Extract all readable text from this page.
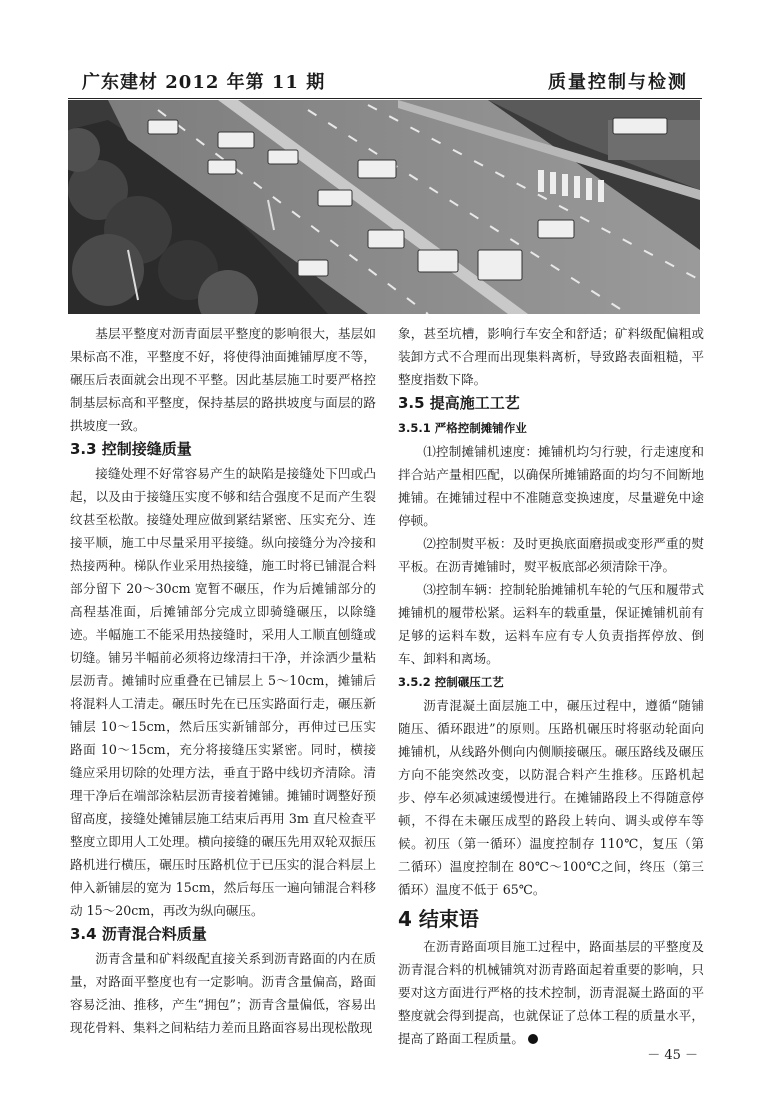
广东建材 2012 年第 11 期	质量控制与检测

基层平整度对沥青面层平整度的影响很大，基层如果标高不准，平整度不好，将使得油面摊铺厚度不等，碾压后表面就会出现不平整。因此基层施工时要严格控制基层标高和平整度，保持基层的路拱坡度与面层的路拱坡度一致。

3.3 控制接缝质量

接缝处理不好常容易产生的缺陷是接缝处下凹或凸起，以及由于接缝压实度不够和结合强度不足而产生裂纹甚至松散。接缝处理应做到紧结紧密、压实充分、连接平顺，施工中尽量采用平接缝。纵向接缝分为冷接和热接两种。梯队作业采用热接缝，施工时将已铺混合料部分留下 20～30cm 宽暂不碾压，作为后摊铺部分的高程基准面，后摊铺部分完成立即骑缝碾压，以除缝迹。半幅施工不能采用热接缝时，采用人工顺直刨缝或切缝。铺另半幅前必须将边缘清扫干净，并涂洒少量粘层沥青。摊铺时应重叠在已铺层上 5～10cm，摊铺后将混料人工清走。碾压时先在已压实路面行走，碾压新铺层 10～15cm，然后压实新铺部分，再伸过已压实路面 10～15cm，充分将接缝压实紧密。同时，横接缝应采用切除的处理方法，垂直于路中线切齐清除。清理干净后在端部涂粘层沥青接着摊铺。摊铺时调整好预留高度，接缝处摊铺层施工结束后再用 3m 直尺检查平整度立即用人工处理。横向接缝的碾压先用双轮双振压路机进行横压，碾压时压路机位于已压实的混合料层上伸入新铺层的宽为 15cm，然后每压一遍向铺混合料移动 15～20cm，再改为纵向碾压。

3.4 沥青混合料质量

沥青含量和矿料级配直接关系到沥青路面的内在质量，对路面平整度也有一定影响。沥青含量偏高，路面容易泛油、推移，产生“拥包”；沥青含量偏低，容易出现花骨料、集料之间粘结力差而且路面容易出现松散现

象，甚至坑槽，影响行车安全和舒适；矿料级配偏粗或装卸方式不合理而出现集料离析，导致路表面粗糙，平整度指数下降。

3.5 提高施工工艺
3.5.1 严格控制摊铺作业

⑴控制摊铺机速度：摊铺机均匀行驶，行走速度和拌合站产量相匹配，以确保所摊铺路面的均匀不间断地摊铺。在摊铺过程中不准随意变换速度，尽量避免中途停顿。

⑵控制熨平板：及时更换底面磨损或变形严重的熨平板。在沥青摊铺时，熨平板底部必须清除干净。

⑶控制车辆：控制轮胎摊铺机车轮的气压和履带式摊铺机的履带松紧。运料车的载重量，保证摊铺机前有足够的运料车数，运料车应有专人负责指挥停放、倒车、卸料和离场。

3.5.2 控制碾压工艺

沥青混凝土面层施工中，碾压过程中，遵循“随铺随压、循环跟进”的原则。压路机碾压时将驱动轮面向摊铺机，从线路外侧向内侧顺接碾压。碾压路线及碾压方向不能突然改变，以防混合料产生推移。压路机起步、停车必须减速缓慢进行。在摊铺路段上不得随意停顿，不得在未碾压成型的路段上转向、调头或停车等候。初压（第一循环）温度控制存 110℃，复压（第二循环）温度控制在 80℃～100℃之间，终压（第三循环）温度不低于 65℃。

4 结束语

在沥青路面项目施工过程中，路面基层的平整度及沥青混合料的机械铺筑对沥青路面起着重要的影响，只要对这方面进行严格的技术控制，沥青混凝土路面的平整度就会得到提高，也就保证了总体工程的质量水平，提高了路面工程质量。

－ 45 －
